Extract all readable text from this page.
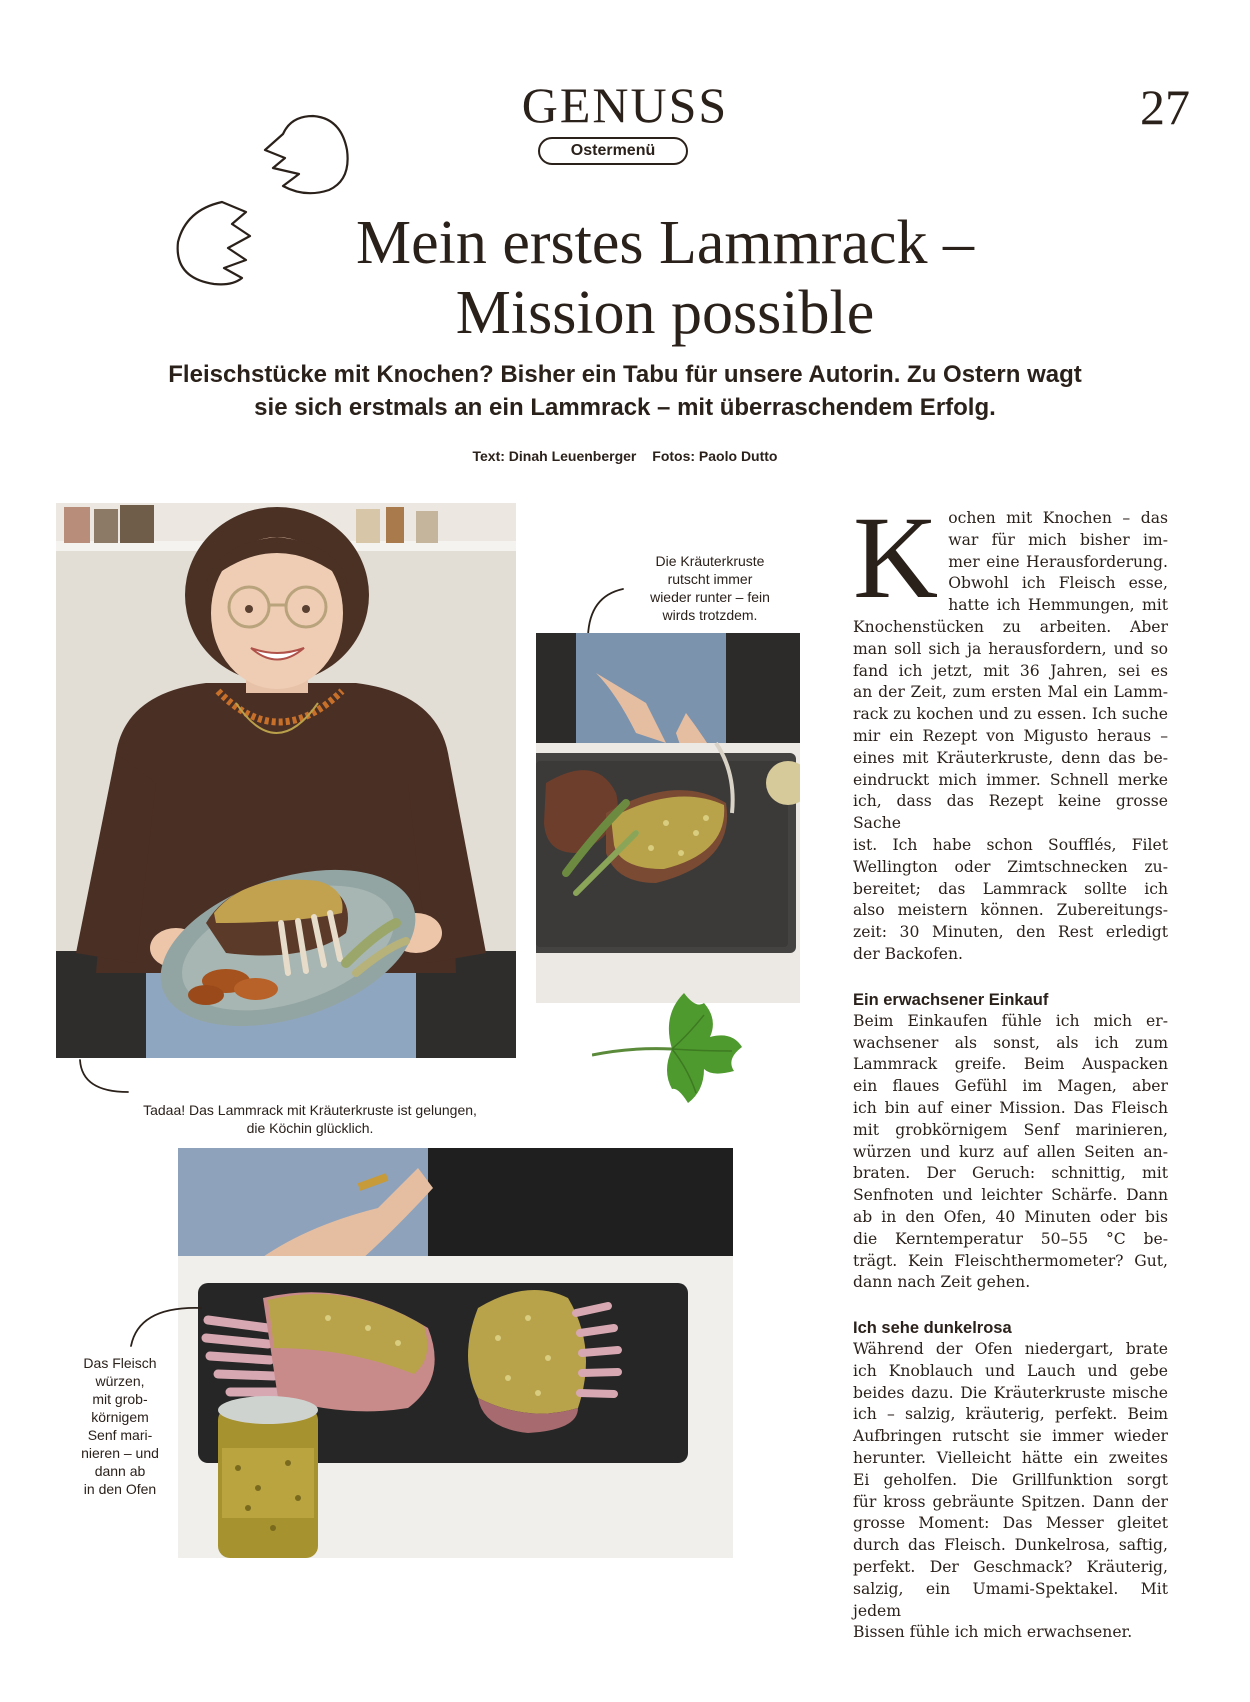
GENUSS
Ostermenü
27
Mein erstes Lammrack –
Mission possible
Fleischstücke mit Knochen? Bisher ein Tabu für unsere Autorin. Zu Ostern wagt
sie sich erstmals an ein Lammrack – mit überraschendem Erfolg.
Text: Dinah Leuenberger Fotos: Paolo Dutto
Die Kräuterkruste
rutscht immer
wieder runter – fein
wirds trotzdem.
Tadaa! Das Lammrack mit Kräuterkruste ist gelungen,
die Köchin glücklich.
Das Fleisch
würzen,
mit grob-
körnigem
Senf mari-
nieren – und
dann ab
in den Ofen
K ochen mit Knochen – das
war für mich bisher im-
mer eine Herausforderung.
Obwohl ich Fleisch esse,
hatte ich Hemmungen, mit
Knochenstücken zu arbeiten. Aber
man soll sich ja herausfordern, und so
fand ich jetzt, mit 36 Jahren, sei es
an der Zeit, zum ersten Mal ein Lamm-
rack zu kochen und zu essen. Ich suche
mir ein Rezept von Migusto heraus –
eines mit Kräuterkruste, denn das be-
eindruckt mich immer. Schnell merke
ich, dass das Rezept keine grosse Sache
ist. Ich habe schon Soufflés, Filet
Wellington oder Zimtschnecken zu-
bereitet; das Lammrack sollte ich
also meistern können. Zubereitungs-
zeit: 30 Minuten, den Rest erledigt
der Backofen.

Ein erwachsener Einkauf

Beim Einkaufen fühle ich mich er-
wachsener als sonst, als ich zum
Lammrack greife. Beim Auspacken
ein flaues Gefühl im Magen, aber
ich bin auf einer Mission. Das Fleisch
mit grobkörnigem Senf marinieren,
würzen und kurz auf allen Seiten an-
braten. Der Geruch: schnittig, mit
Senfnoten und leichter Schärfe. Dann
ab in den Ofen, 40 Minuten oder bis
die Kerntemperatur 50–55 °C be-
trägt. Kein Fleischthermometer? Gut,
dann nach Zeit gehen.

Ich sehe dunkelrosa

Während der Ofen niedergart, brate
ich Knoblauch und Lauch und gebe
beides dazu. Die Kräuterkruste mische
ich – salzig, kräuterig, perfekt. Beim
Aufbringen rutscht sie immer wieder
herunter. Vielleicht hätte ein zweites
Ei geholfen. Die Grillfunktion sorgt
für kross gebräunte Spitzen. Dann der
grosse Moment: Das Messer gleitet
durch das Fleisch. Dunkelrosa, saftig,
perfekt. Der Geschmack? Kräuterig,
salzig, ein Umami-Spektakel. Mit jedem
Bissen fühle ich mich erwachsener.
